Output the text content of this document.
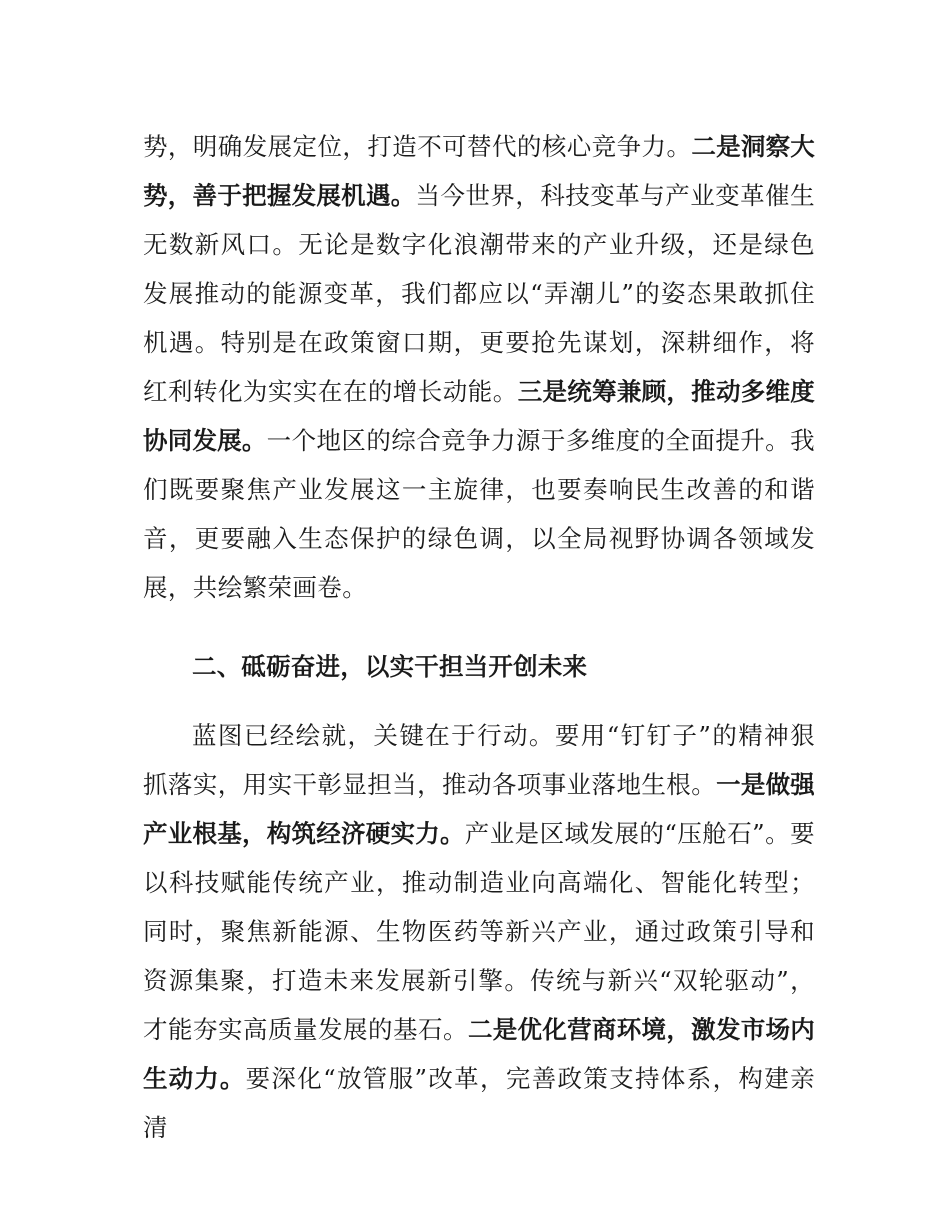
势，明确发展定位，打造不可替代的核心竞争力。二是洞察大势，善于把握发展机遇。当今世界，科技变革与产业变革催生无数新风口。无论是数字化浪潮带来的产业升级，还是绿色发展推动的能源变革，我们都应以“弄潮儿”的姿态果敢抓住机遇。特别是在政策窗口期，更要抢先谋划，深耕细作，将红利转化为实实在在的增长动能。三是统筹兼顾，推动多维度协同发展。一个地区的综合竞争力源于多维度的全面提升。我们既要聚焦产业发展这一主旋律，也要奏响民生改善的和谐音，更要融入生态保护的绿色调，以全局视野协调各领域发展，共绘繁荣画卷。

二、砥砺奋进，以实干担当开创未来

蓝图已经绘就，关键在于行动。要用“钉钉子”的精神狠抓落实，用实干彰显担当，推动各项事业落地生根。一是做强产业根基，构筑经济硬实力。产业是区域发展的“压舱石”。要以科技赋能传统产业，推动制造业向高端化、智能化转型；同时，聚焦新能源、生物医药等新兴产业，通过政策引导和资源集聚，打造未来发展新引擎。传统与新兴“双轮驱动”，才能夯实高质量发展的基石。二是优化营商环境，激发市场内生动力。要深化“放管服”改革，完善政策支持体系，构建亲清
